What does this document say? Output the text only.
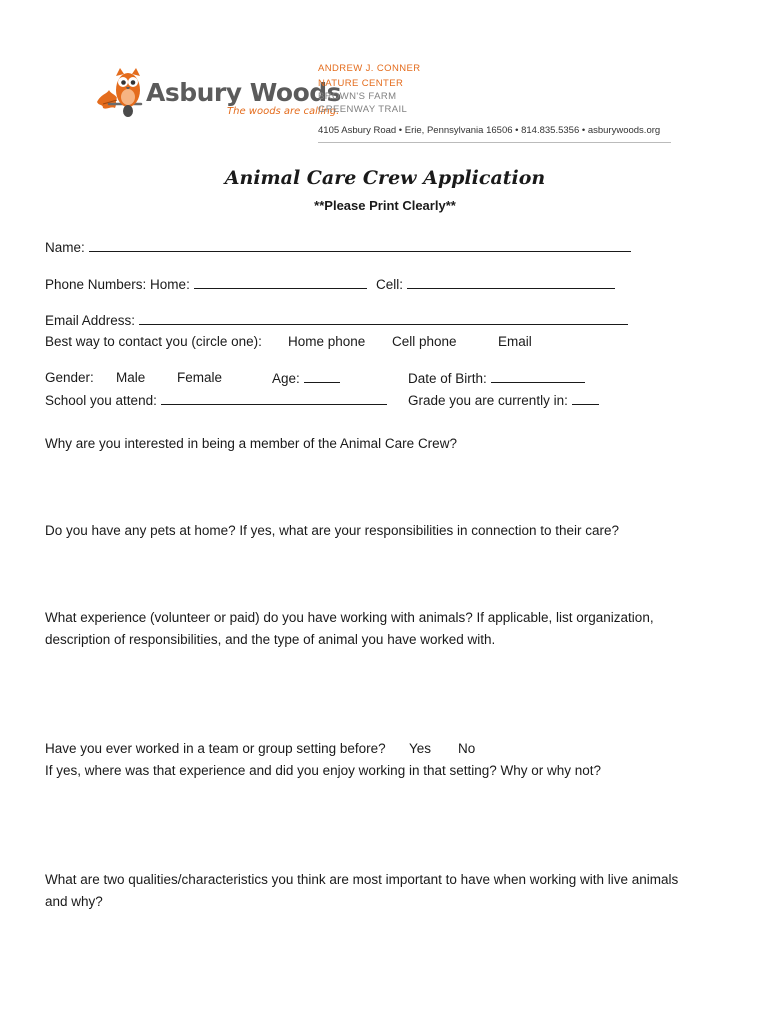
Asbury Woods
The woods are calling.
ANDREW J. CONNER
NATURE CENTER
BROWN'S FARM
GREENWAY TRAIL
4105 Asbury Road • Erie, Pennsylvania 16506 • 814.835.5356 • asburywoods.org
Animal Care Crew Application
**Please Print Clearly**
Name:
Phone Numbers: Home:	Cell:
Email Address:
Best way to contact you (circle one): Home phone Cell phone	Email
Gender: Male Female	Age:	Date of Birth:
School you attend:	Grade you are currently in:
Why are you interested in being a member of the Animal Care Crew?
Do you have any pets at home? If yes, what are your responsibilities in connection to their care?
What experience (volunteer or paid) do you have working with animals? If applicable, list organization,
description of responsibilities, and the type of animal you have worked with.
Have you ever worked in a team or group setting before? Yes No
If yes, where was that experience and did you enjoy working in that setting? Why or why not?
What are two qualities/characteristics you think are most important to have when working with live animals
and why?
